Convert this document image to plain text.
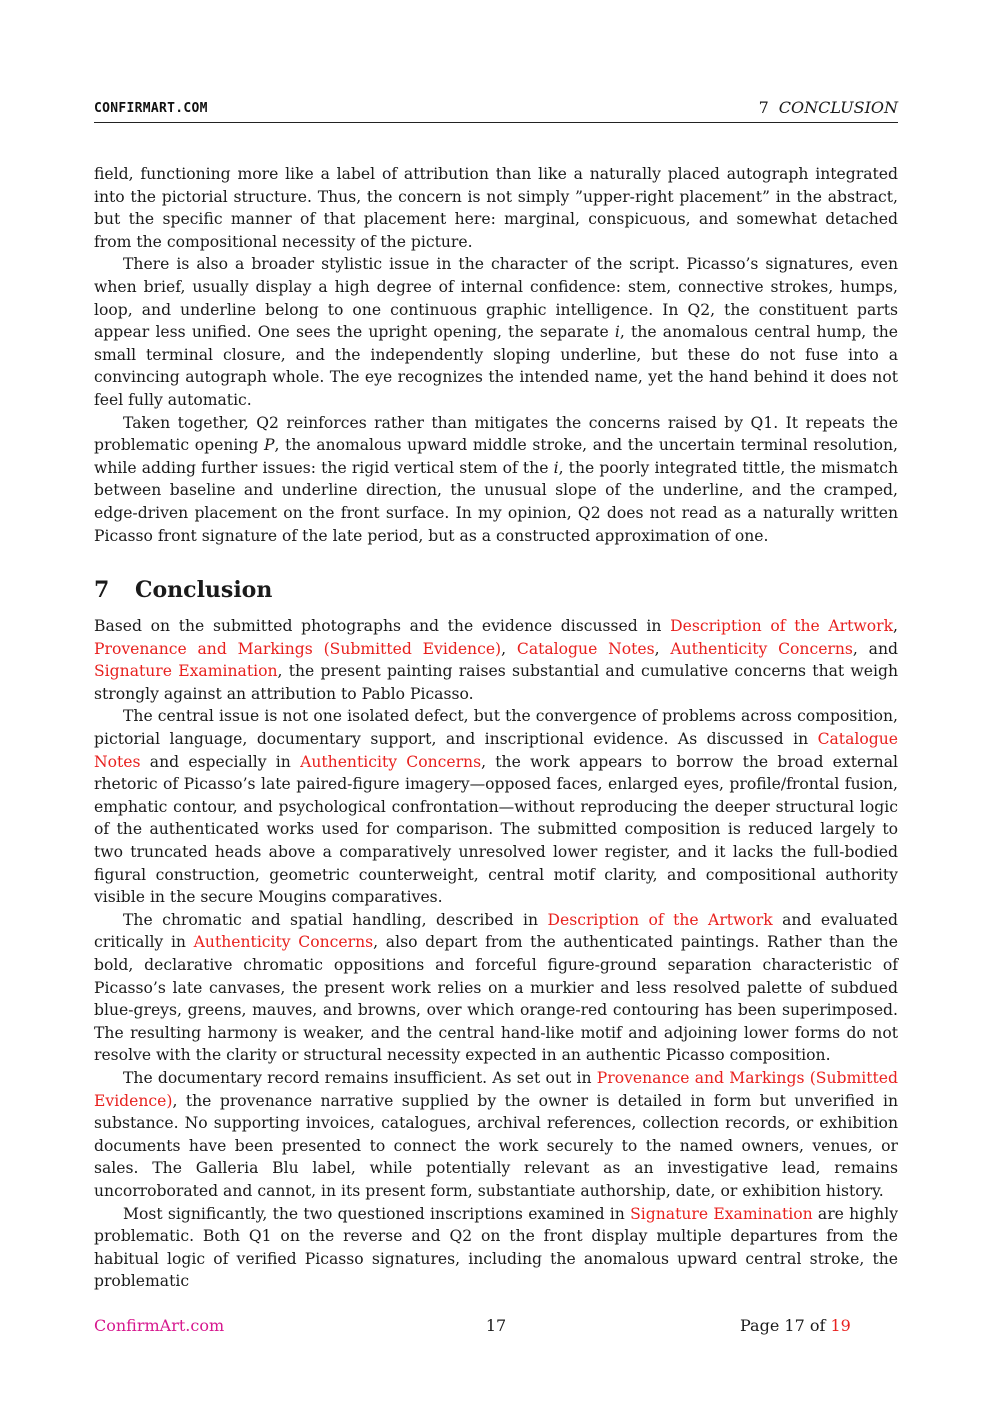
CONFIRMART.COM	7 CONCLUSION

field, functioning more like a label of attribution than like a naturally placed autograph integrated into the pictorial structure. Thus, the concern is not simply ”upper-right placement” in the abstract, but the specific manner of that placement here: marginal, conspicuous, and somewhat detached from the compositional necessity of the picture.

There is also a broader stylistic issue in the character of the script. Picasso’s signatures, even when brief, usually display a high degree of internal confidence: stem, connective strokes, humps, loop, and underline belong to one continuous graphic intelligence. In Q2, the constituent parts appear less unified. One sees the upright opening, the separate i, the anomalous central hump, the small terminal closure, and the independently sloping underline, but these do not fuse into a convincing autograph whole. The eye recognizes the intended name, yet the hand behind it does not feel fully automatic.

Taken together, Q2 reinforces rather than mitigates the concerns raised by Q1. It repeats the problematic opening P, the anomalous upward middle stroke, and the uncertain terminal resolution, while adding further issues: the rigid vertical stem of the i, the poorly integrated tittle, the mismatch between baseline and underline direction, the unusual slope of the underline, and the cramped, edge-driven placement on the front surface. In my opinion, Q2 does not read as a naturally written Picasso front signature of the late period, but as a constructed approximation of one.

7 Conclusion

Based on the submitted photographs and the evidence discussed in Description of the Artwork, Provenance and Markings (Submitted Evidence), Catalogue Notes, Authenticity Concerns, and Signature Examination, the present painting raises substantial and cumulative concerns that weigh strongly against an attribution to Pablo Picasso.

The central issue is not one isolated defect, but the convergence of problems across composition, pictorial language, documentary support, and inscriptional evidence. As discussed in Catalogue Notes and especially in Authenticity Concerns, the work appears to borrow the broad external rhetoric of Picasso’s late paired-figure imagery—opposed faces, enlarged eyes, profile/frontal fusion, emphatic contour, and psychological confrontation—without reproducing the deeper structural logic of the authenticated works used for comparison. The submitted composition is reduced largely to two truncated heads above a comparatively unresolved lower register, and it lacks the full-bodied figural construction, geometric counterweight, central motif clarity, and compositional authority visible in the secure Mougins comparatives.

The chromatic and spatial handling, described in Description of the Artwork and evaluated critically in Authenticity Concerns, also depart from the authenticated paintings. Rather than the bold, declarative chromatic oppositions and forceful figure-ground separation characteristic of Picasso’s late canvases, the present work relies on a murkier and less resolved palette of subdued blue-greys, greens, mauves, and browns, over which orange-red contouring has been superimposed. The resulting harmony is weaker, and the central hand-like motif and adjoining lower forms do not resolve with the clarity or structural necessity expected in an authentic Picasso composition.

The documentary record remains insufficient. As set out in Provenance and Markings (Submitted Evidence), the provenance narrative supplied by the owner is detailed in form but unverified in substance. No supporting invoices, catalogues, archival references, collection records, or exhibition documents have been presented to connect the work securely to the named owners, venues, or sales. The Galleria Blu label, while potentially relevant as an investigative lead, remains uncorroborated and cannot, in its present form, substantiate authorship, date, or exhibition history.

Most significantly, the two questioned inscriptions examined in Signature Examination are highly problematic. Both Q1 on the reverse and Q2 on the front display multiple departures from the habitual logic of verified Picasso signatures, including the anomalous upward central stroke, the problematic

ConfirmArt.com	17	Page 17 of 19
